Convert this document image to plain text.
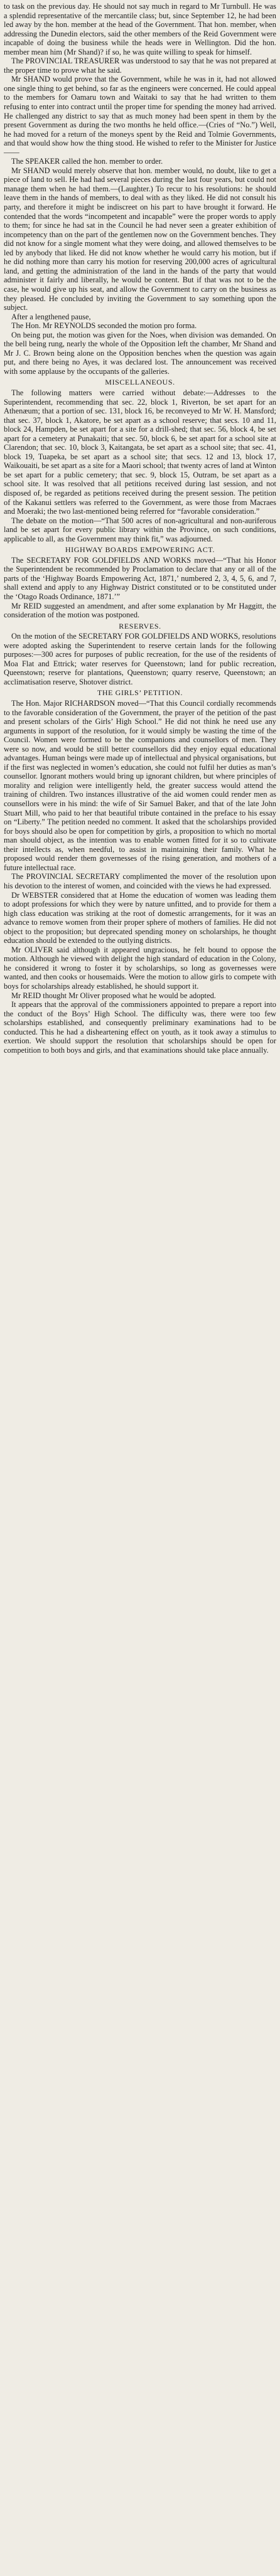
to task on the previous day. He should not say much in regard to Mr Turnbull. He was a splendid representative of the mercantile class; but, since September 12, he had been led away by the hon. member at the head of the Government. That hon. member, when addressing the Dunedin electors, said the other members of the Reid Government were incapable of doing the business while the heads were in Wellington. Did the hon. member mean him (Mr Shand)? if so, he was quite willing to speak for himself.

The PROVINCIAL TREASURER was understood to say that he was not prepared at the proper time to prove what he said.

Mr SHAND would prove that the Government, while he was in it, had not allowed one single thing to get behind, so far as the engineers were concerned. He could appeal to the members for Oamaru town and Waitaki to say that he had written to them refusing to enter into contract until the proper time for spending the money had arrived. He challenged any district to say that as much money had been spent in them by the present Government as during the two months he held office.—(Cries of “No.”) Well, he had moved for a return of the moneys spent by the Reid and Tolmie Governments, and that would show how the thing stood. He wished to refer to the Minister for Justice——

The SPEAKER called the hon. member to order.

Mr SHAND would merely observe that hon. member would, no doubt, like to get a piece of land to sell. He had had several pieces during the last four years, but could not manage them when he had them.—(Laughter.) To recur to his resolutions: he should leave them in the hands of members, to deal with as they liked. He did not consult his party, and therefore it might be indiscreet on his part to have brought it forward. He contended that the words “incompetent and incapable” were the proper words to apply to them; for since he had sat in the Council he had never seen a greater exhibition of incompetency than on the part of the gentlemen now on the Government benches. They did not know for a single moment what they were doing, and allowed themselves to be led by anybody that liked. He did not know whether he would carry his motion, but if he did nothing more than carry his motion for reserving 200,000 acres of agricultural land, and getting the administration of the land in the hands of the party that would administer it fairly and liberally, he would be content. But if that was not to be the case, he would give up his seat, and allow the Government to carry on the business as they pleased. He concluded by inviting the Government to say something upon the subject.

After a lengthened pause,

The Hon. Mr REYNOLDS seconded the motion pro forma.

On being put, the motion was given for the Noes, when division was demanded. On the bell being rung, nearly the whole of the Opposition left the chamber, Mr Shand and Mr J. C. Brown being alone on the Opposition benches when the question was again put, and there being no Ayes, it was declared lost. The announcement was received with some applause by the occupants of the galleries.

MISCELLANEOUS.

The following matters were carried without debate:—Addresses to the Superintendent, recommending that sec. 22, block 1, Riverton, be set apart for an Athenæum; that a portion of sec. 131, block 16, be reconveyed to Mr W. H. Mansford; that sec. 37, block 1, Akatore, be set apart as a school reserve; that secs. 10 and 11, block 24, Hampden, be set apart for a site for a drill-shed; that sec. 56, block 4, be set apart for a cemetery at Punakaiti; that sec. 50, block 6, be set apart for a school site at Clarendon; that sec. 10, block 3, Kaitangata, be set apart as a school site; that sec. 41, block 19, Tuapeka, be set apart as a school site; that secs. 12 and 13, block 17, Waikouaiti, be set apart as a site for a Maori school; that twenty acres of land at Winton be set apart for a public cemetery; that sec. 9, block 15, Outram, be set apart as a school site. It was resolved that all petitions received during last session, and not disposed of, be regarded as petitions received during the present session. The petition of the Kakanui settlers was referred to the Government, as were those from Macraes and Moeraki; the two last-mentioned being referred for “favorable consideration.”

The debate on the motion—“That 500 acres of non-agricultural and non-auriferous land be set apart for every public library within the Province, on such conditions, applicable to all, as the Government may think fit,” was adjourned.

HIGHWAY BOARDS EMPOWERING ACT.

The SECRETARY FOR GOLDFIELDS AND WORKS moved—“That his Honor the Superintendent be recommended by Proclamation to declare that any or all of the parts of the ‘Highway Boards Empowering Act, 1871,’ numbered 2, 3, 4, 5, 6, and 7, shall extend and apply to any Highway District constituted or to be constituted under the ‘Otago Roads Ordinance, 1871.’”

Mr REID suggested an amendment, and after some explanation by Mr Haggitt, the consideration of the motion was postponed.

RESERVES.

On the motion of the SECRETARY FOR GOLDFIELDS AND WORKS, resolutions were adopted asking the Superintendent to reserve certain lands for the following purposes:—300 acres for purposes of public recreation, for the use of the residents of Moa Flat and Ettrick; water reserves for Queenstown; land for public recreation, Queenstown; reserve for plantations, Queenstown; quarry reserve, Queenstown; an acclimatisation reserve, Shotover district.

THE GIRLS’ PETITION.

The Hon. Major RICHARDSON moved—“That this Council cordially recommends to the favorable consideration of the Government, the prayer of the petition of the past and present scholars of the Girls’ High School.” He did not think he need use any arguments in support of the resolution, for it would simply be wasting the time of the Council. Women were formed to be the companions and counsellors of men. They were so now, and would be still better counsellors did they enjoy equal educational advantages. Human beings were made up of intellectual and physical organisations, but if the first was neglected in women’s education, she could not fulfil her duties as man’s counsellor. Ignorant mothers would bring up ignorant children, but where principles of morality and religion were intelligently held, the greater success would attend the training of children. Two instances illustrative of the aid women could render men as counsellors were in his mind: the wife of Sir Samuel Baker, and that of the late John Stuart Mill, who paid to her that beautiful tribute contained in the preface to his essay on “Liberty.” The petition needed no comment. It asked that the scholarships provided for boys should also be open for competition by girls, a proposition to which no mortal man should object, as the intention was to enable women fitted for it so to cultivate their intellects as, when needful, to assist in maintaining their family. What he proposed would render them governesses of the rising generation, and mothers of a future intellectual race.

The PROVINCIAL SECRETARY complimented the mover of the resolution upon his devotion to the interest of women, and coincided with the views he had expressed.

Dr WEBSTER considered that at Home the education of women was leading them to adopt professions for which they were by nature unfitted, and to provide for them a high class education was striking at the root of domestic arrangements, for it was an advance to remove women from their proper sphere of mothers of families. He did not object to the proposition; but deprecated spending money on scholarships, he thought education should be extended to the outlying districts.

Mr OLIVER said although it appeared ungracious, he felt bound to oppose the motion. Although he viewed with delight the high standard of education in the Colony, he considered it wrong to foster it by scholarships, so long as governesses were wanted, and then cooks or housemaids. Were the motion to allow girls to compete with boys for scholarships already established, he should support it.

Mr REID thought Mr Oliver proposed what he would be adopted.

It appears that the approval of the commissioners appointed to prepare a report into the conduct of the Boys’ High School. The difficulty was, there were too few scholarships established, and consequently preliminary examinations had to be conducted. This he had a disheartening effect on youth, as it took away a stimulus to exertion. We should support the resolution that scholarships should be open for competition to both boys and girls, and that examinations should take place annually.
